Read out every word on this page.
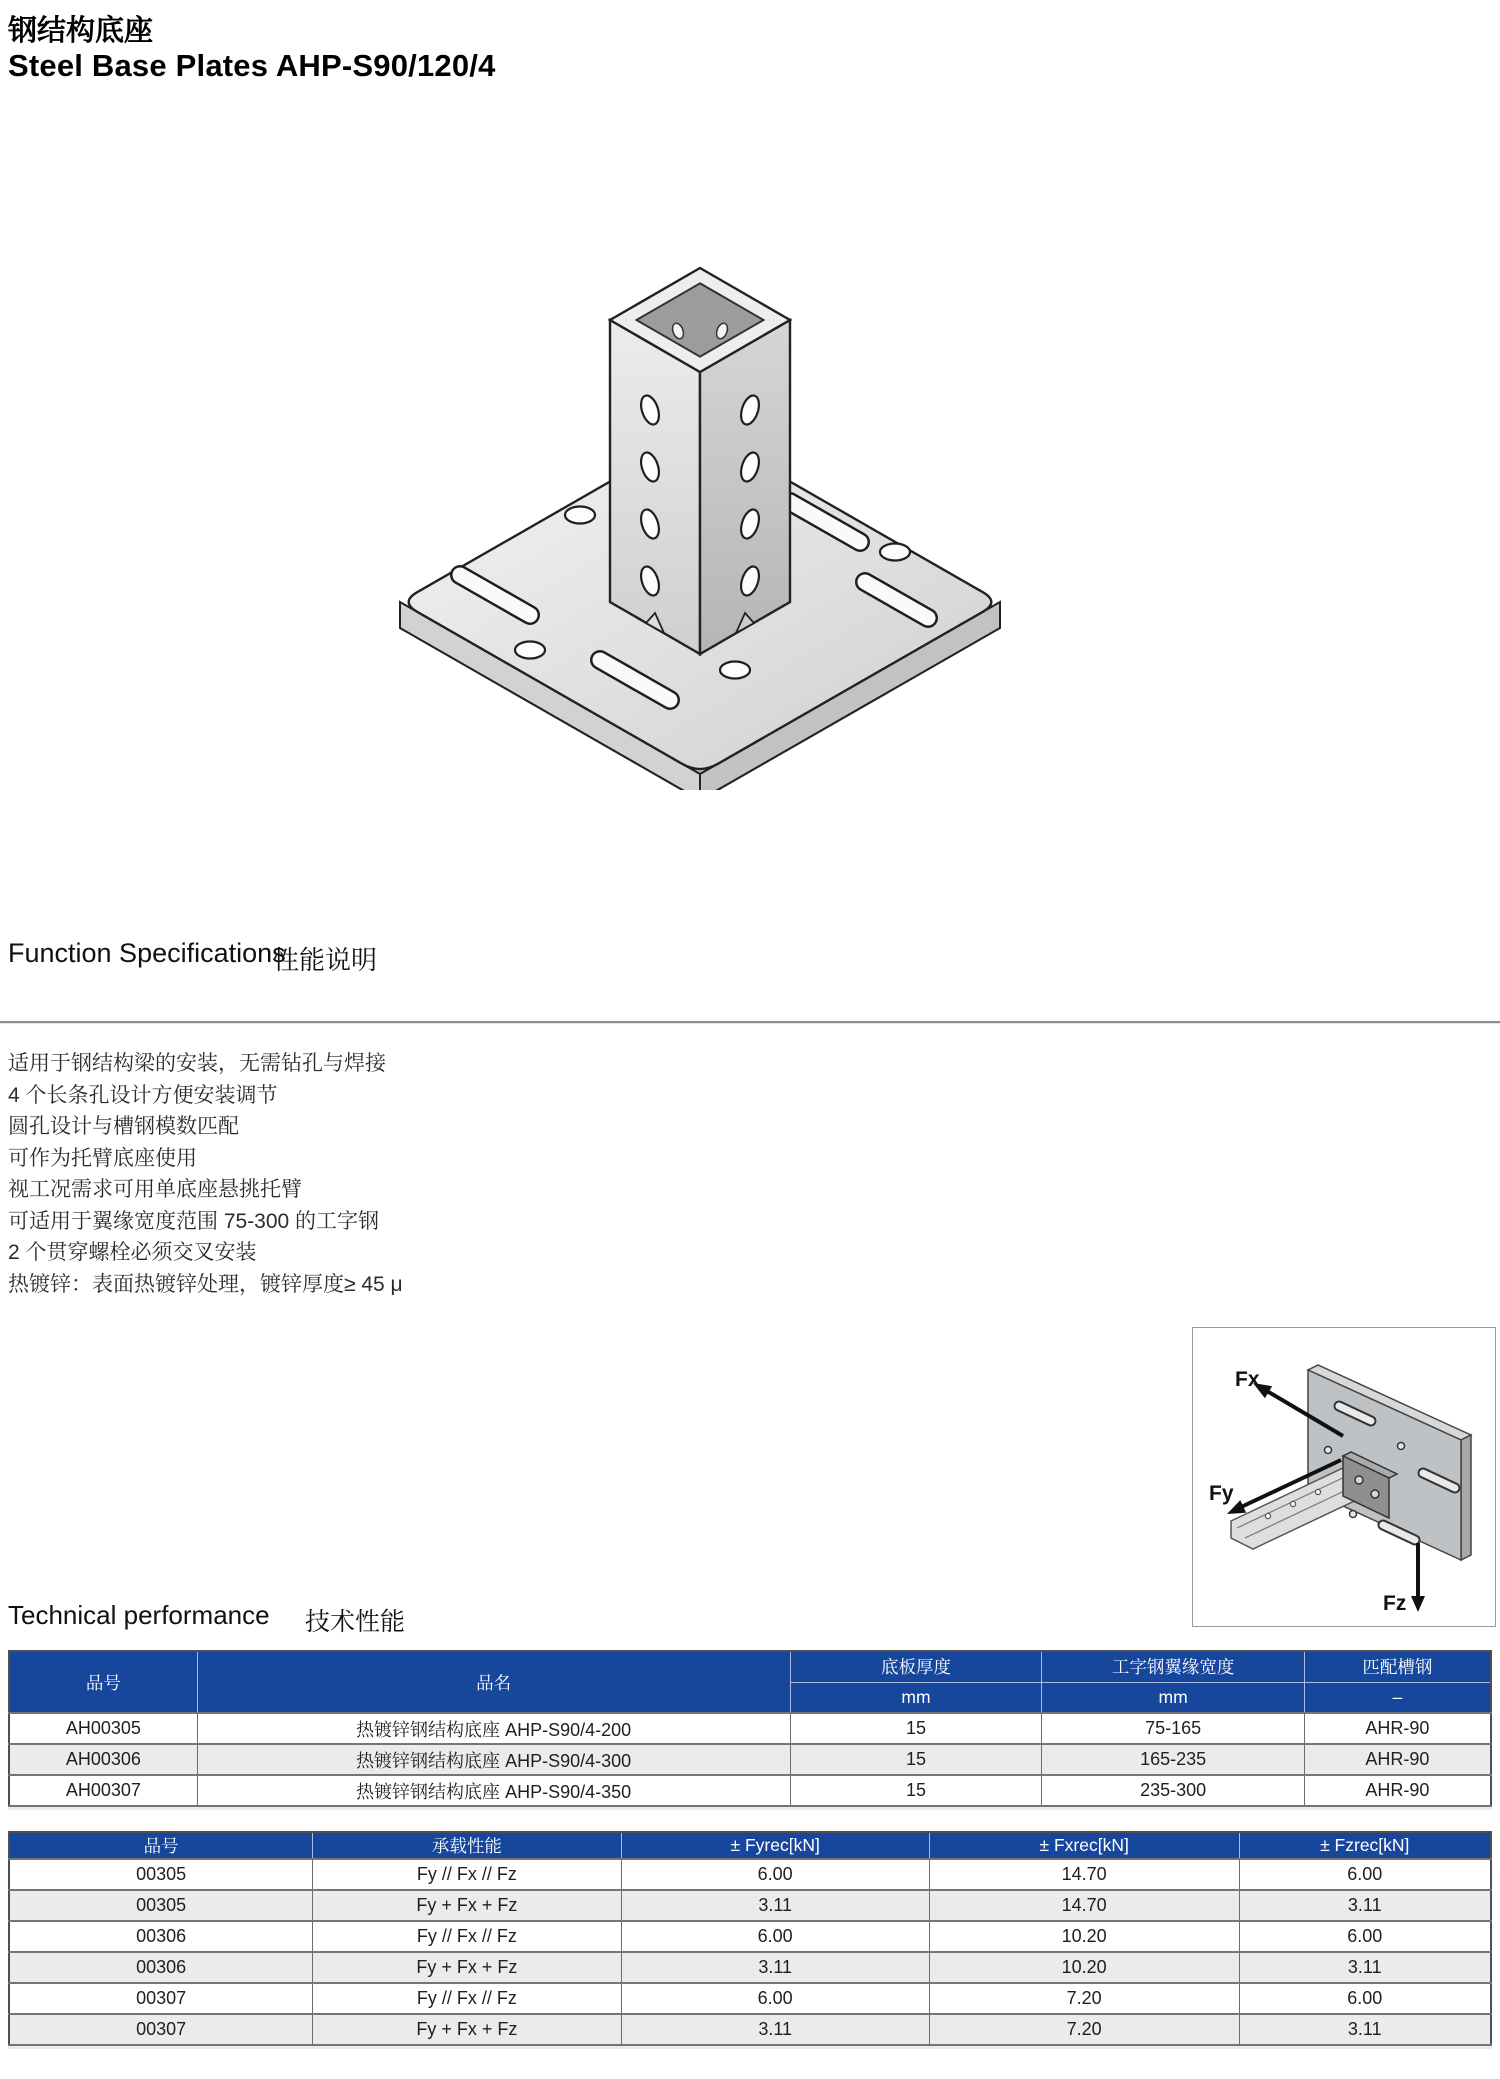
钢结构底座
Steel Base Plates AHP-S90/120/4
Function Specifications
性能说明
适用于钢结构梁的安装，无需钻孔与焊接
4 个长条孔设计方便安装调节
圆孔设计与槽钢模数匹配
可作为托臂底座使用
视工况需求可用单底座悬挑托臂
可适用于翼缘宽度范围 75-300 的工字钢
2 个贯穿螺栓必须交叉安装
热镀锌：表面热镀锌处理，镀锌厚度≥ 45 μ
Fx
Fy
Fz
Technical performance 技术性能
品号	品名	底板厚度	工字钢翼缘宽度	匹配槽钢
		mm	mm	–
AH00305	热镀锌钢结构底座 AHP-S90/4-200	15	75-165	AHR-90
AH00306	热镀锌钢结构底座 AHP-S90/4-300	15	165-235	AHR-90
AH00307	热镀锌钢结构底座 AHP-S90/4-350	15	235-300	AHR-90
品号	承载性能	± Fyrec[kN]	± Fxrec[kN]	± Fzrec[kN]
00305	Fy // Fx // Fz	6.00	14.70	6.00
00305	Fy + Fx + Fz	3.11	14.70	3.11
00306	Fy // Fx // Fz	6.00	10.20	6.00
00306	Fy + Fx + Fz	3.11	10.20	3.11
00307	Fy // Fx // Fz	6.00	7.20	6.00
00307	Fy + Fx + Fz	3.11	7.20	3.11
